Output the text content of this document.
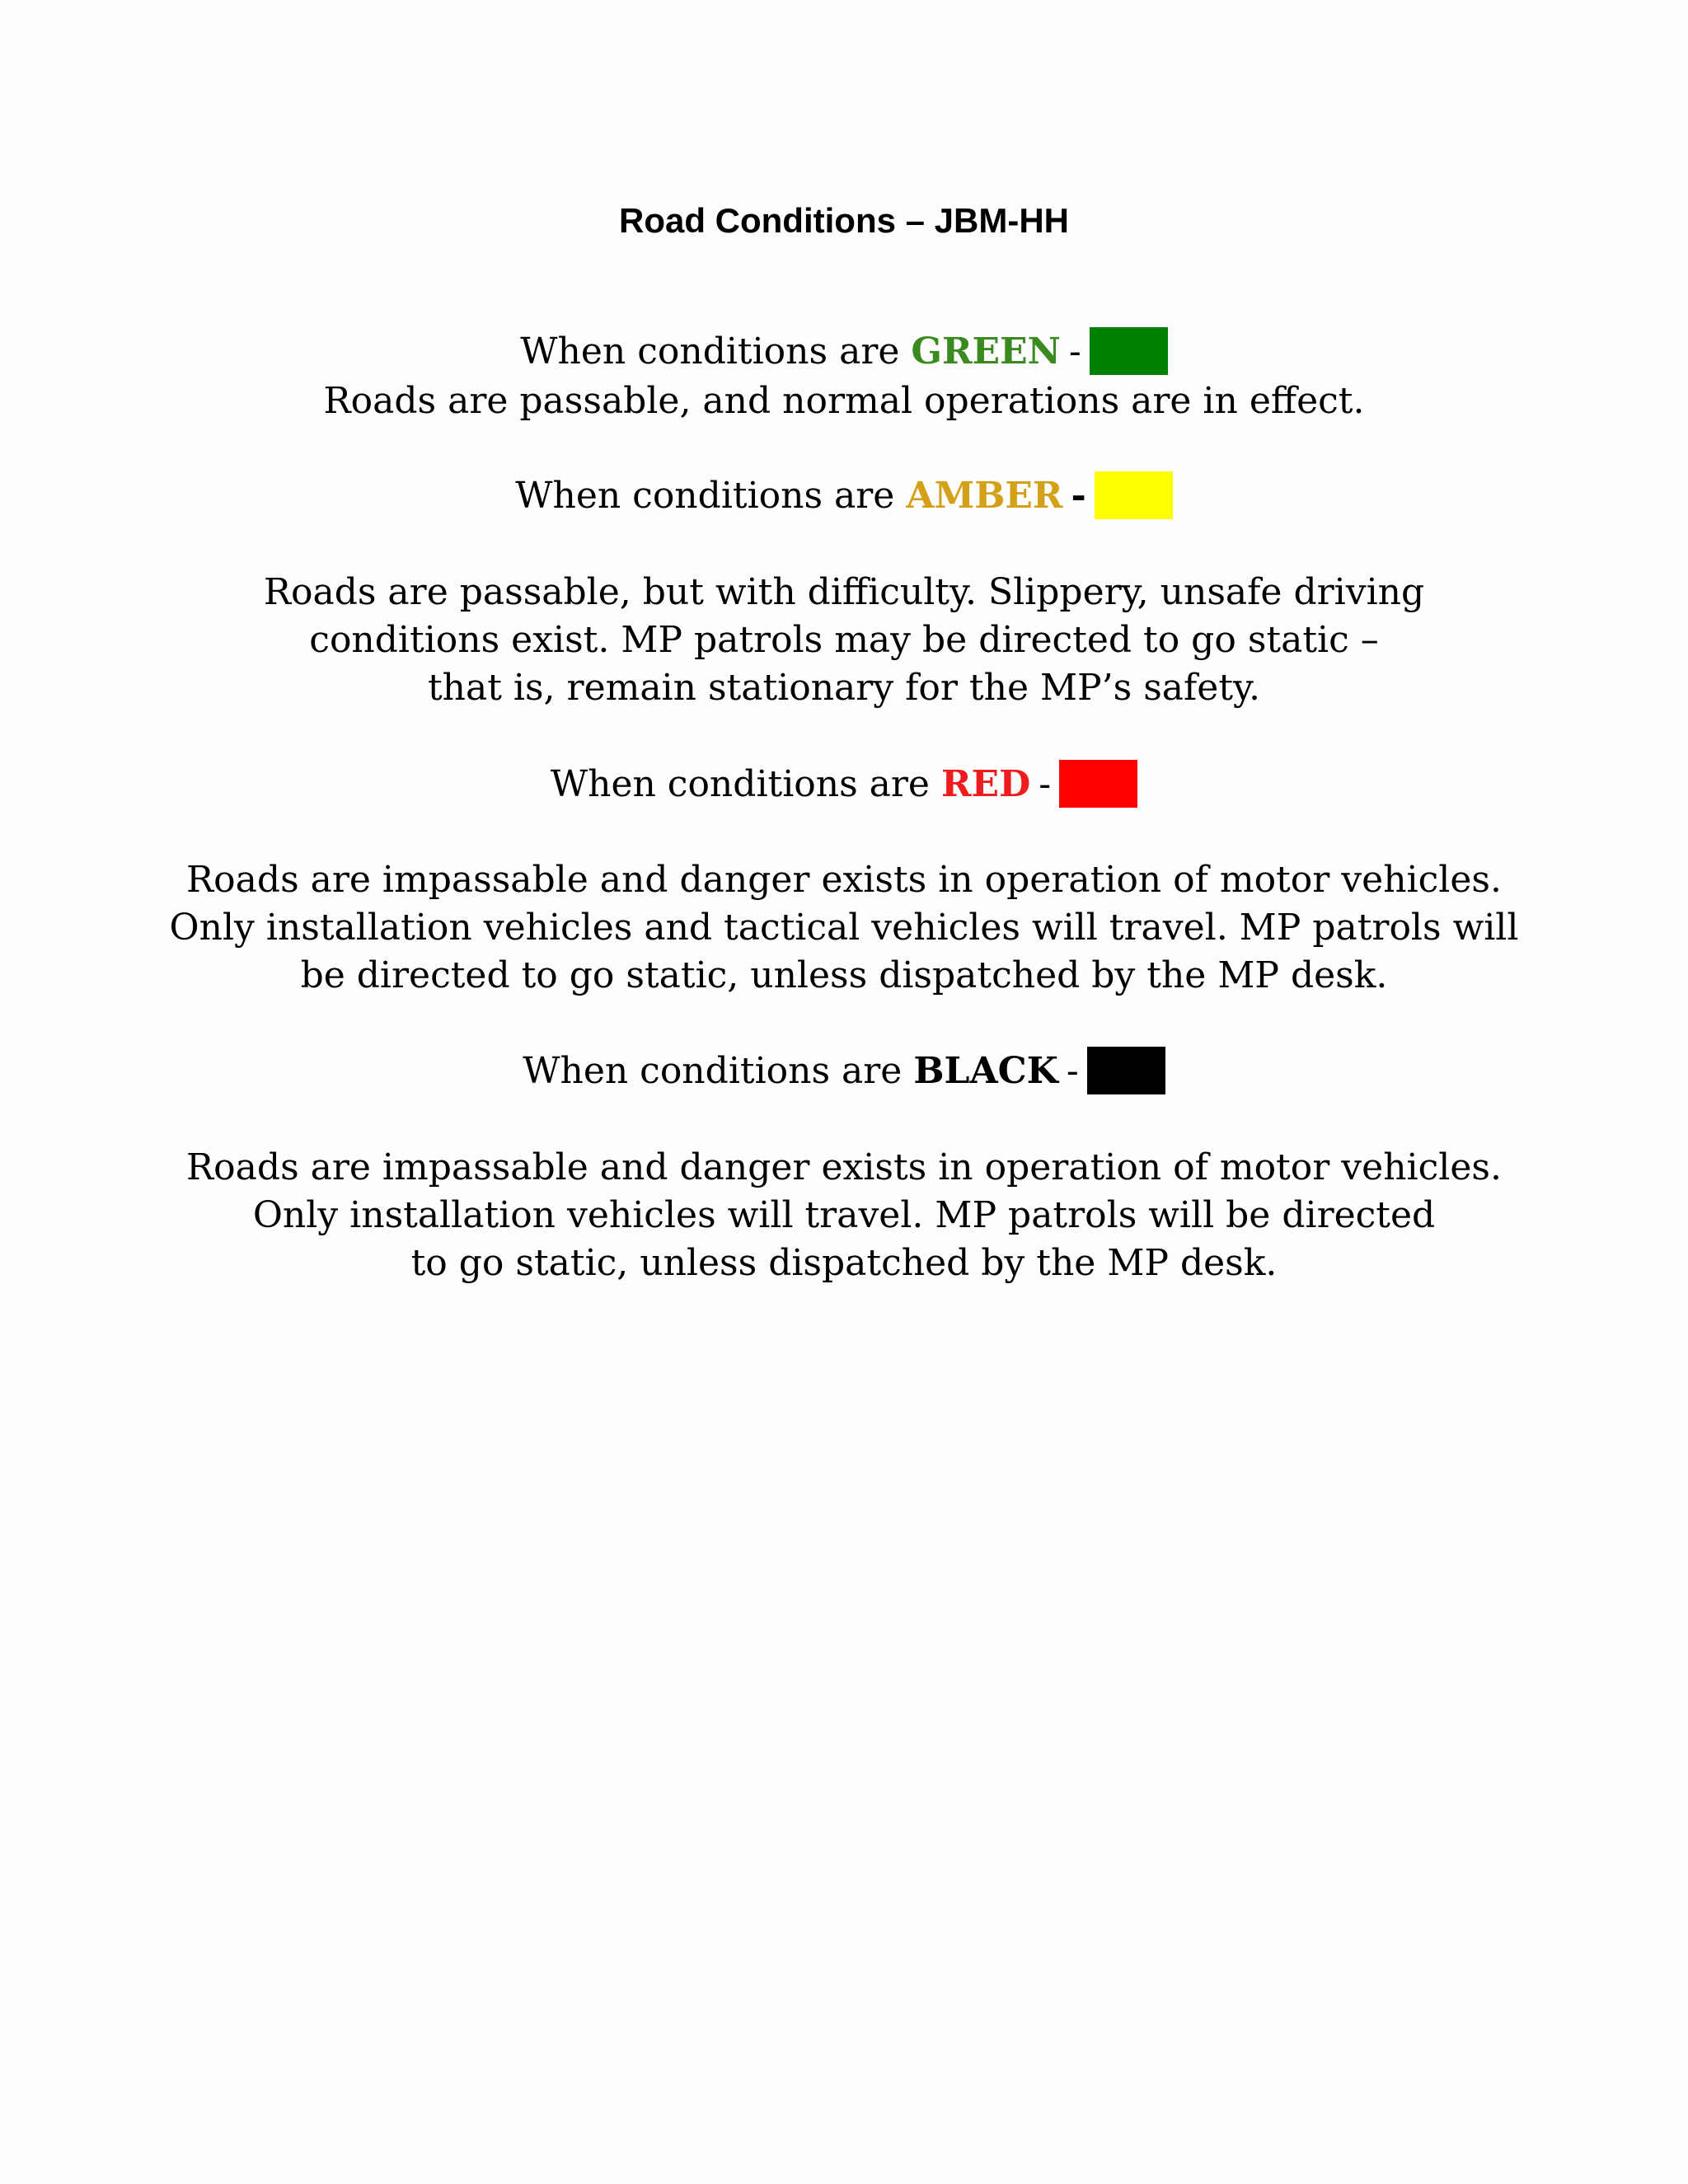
Road Conditions – JBM-HH
When conditions are GREEN -
Roads are passable, and normal operations are in effect.
When conditions are AMBER -
Roads are passable, but with difficulty. Slippery, unsafe driving
conditions exist. MP patrols may be directed to go static –
that is, remain stationary for the MP’s safety.
When conditions are RED -
Roads are impassable and danger exists in operation of motor vehicles.
Only installation vehicles and tactical vehicles will travel. MP patrols will
be directed to go static, unless dispatched by the MP desk.
When conditions are BLACK -
Roads are impassable and danger exists in operation of motor vehicles.
Only installation vehicles will travel. MP patrols will be directed
to go static, unless dispatched by the MP desk.
